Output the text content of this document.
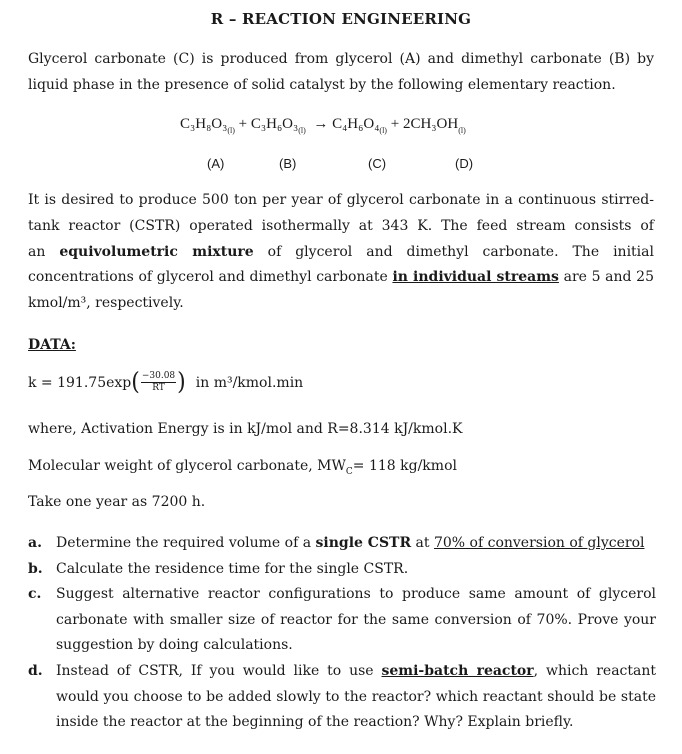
R – REACTION ENGINEERING
Glycerol carbonate (C) is produced from glycerol (A) and dimethyl carbonate (B) by liquid phase in the presence of solid catalyst by the following elementary reaction.
$C_3H_8O_3_{(l)} + C_3H_6O_3_{(l)} \to C_4H_6O_4_{(l)} + 2CH_3OH_{(l)}$
(A)	(B)	(C)	(D)
It is desired to produce 500 ton per year of glycerol carbonate in a continuous stirred-
tank reactor (CSTR) operated isothermally at 343 K. The feed stream consists of
an equivolumetric mixture of glycerol and dimethyl carbonate. The initial
concentrations of glycerol and dimethyl carbonate in individual streams are 5 and 25
kmol/m³, respectively.
DATA:
k = 191.75exp ( $\frac{-30.08}{RT}$ ) in m³/kmol.min
where, Activation Energy is in kJ/mol and R=8.314 kJ/kmol.K
Molecular weight of glycerol carbonate, $MW_C= 118$ kg/kmol
Take one year as 7200 h.
a. Determine the required volume of a single CSTR at 70% of conversion of glycerol
b. Calculate the residence time for the single CSTR.
c. Suggest alternative reactor configurations to produce same amount of glycerol carbonate with smaller size of reactor for the same conversion of 70%. Prove your suggestion by doing calculations.
d. Instead of CSTR, If you would like to use semi-batch reactor, which reactant would you choose to be added slowly to the reactor? which reactant should be state inside the reactor at the beginning of the reaction? Why? Explain briefly.
